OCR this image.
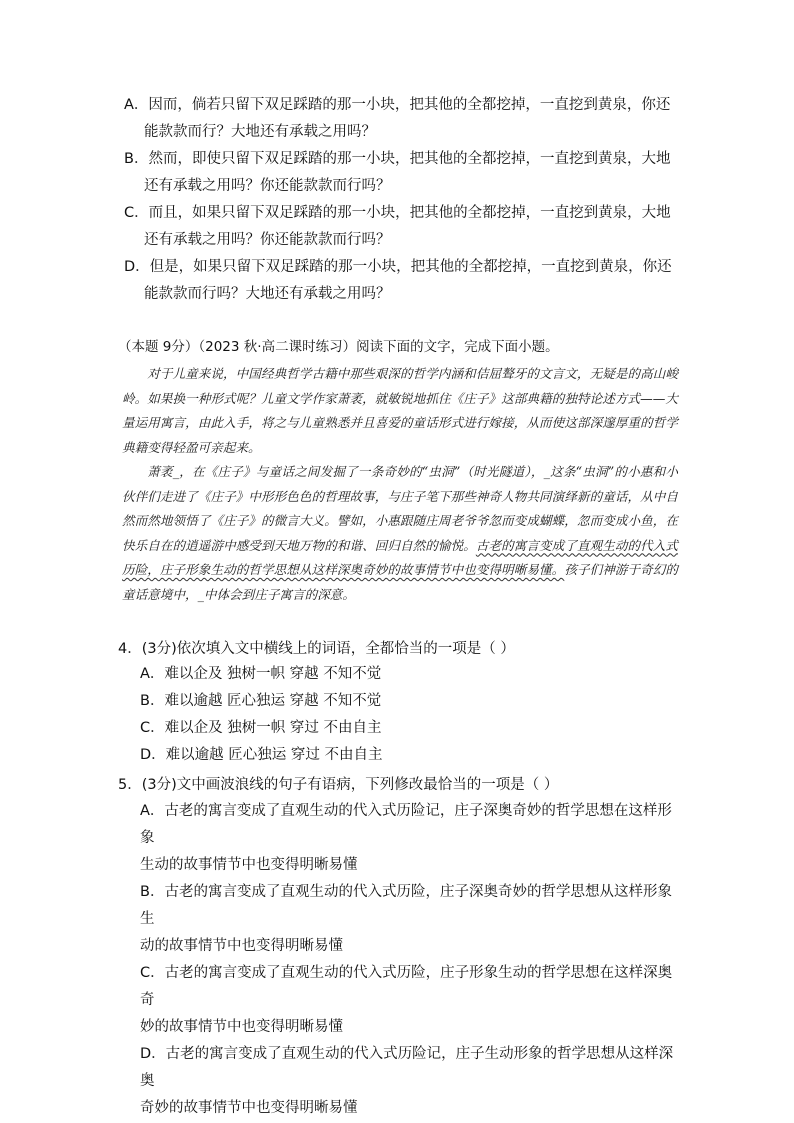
A．因而，倘若只留下双足踩踏的那一小块，把其他的全都挖掉，一直挖到黄泉，你还
能款款而行？大地还有承载之用吗？
B．然而，即使只留下双足踩踏的那一小块，把其他的全都挖掉，一直挖到黄泉，大地
还有承载之用吗？你还能款款而行吗？
C．而且，如果只留下双足踩踏的那一小块，把其他的全都挖掉，一直挖到黄泉，大地
还有承载之用吗？你还能款款而行吗？
D．但是，如果只留下双足踩踏的那一小块，把其他的全都挖掉，一直挖到黄泉，你还
能款款而行吗？大地还有承载之用吗？
（本题 9分）（2023 秋·高二课时练习）阅读下面的文字，完成下面小题。

对于儿童来说，中国经典哲学古籍中那些艰深的哲学内涵和佶屈聱牙的文言文，无疑是的高山峻岭。如果换一种形式呢？儿童文学作家萧袤，就敏锐地抓住《庄子》这部典籍的独特论述方式——大量运用寓言，由此入手，将之与儿童熟悉并且喜爱的童话形式进行嫁接，从而使这部深邃厚重的哲学典籍变得轻盈可亲起来。

萧袤_，在《庄子》与童话之间发掘了一条奇妙的“虫洞”（时光隧道），_这条“虫洞”的小惠和小伙伴们走进了《庄子》中形形色色的哲理故事，与庄子笔下那些神奇人物共同演绎新的童话，从中自然而然地领悟了《庄子》的微言大义。譬如，小惠跟随庄周老爷爷忽而变成蝴蝶，忽而变成小鱼，在快乐自在的逍遥游中感受到天地万物的和谐、回归自然的愉悦。古老的寓言变成了直观生动的代入式历险，庄子形象生动的哲学思想从这样深奥奇妙的故事情节中也变得明晰易懂。孩子们神游于奇幻的童话意境中，_中体会到庄子寓言的深意。

4．(3分)依次填入文中横线上的词语，全都恰当的一项是（ ）
A．难以企及 独树一帜 穿越 不知不觉
B．难以逾越 匠心独运 穿越 不知不觉
C．难以企及 独树一帜 穿过 不由自主
D．难以逾越 匠心独运 穿过 不由自主
5．(3分)文中画波浪线的句子有语病，下列修改最恰当的一项是（ ）
A．古老的寓言变成了直观生动的代入式历险记，庄子深奥奇妙的哲学思想在这样形象
生动的故事情节中也变得明晰易懂
B．古老的寓言变成了直观生动的代入式历险，庄子深奥奇妙的哲学思想从这样形象生
动的故事情节中也变得明晰易懂
C．古老的寓言变成了直观生动的代入式历险，庄子形象生动的哲学思想在这样深奥奇
妙的故事情节中也变得明晰易懂
D．古老的寓言变成了直观生动的代入式历险记，庄子生动形象的哲学思想从这样深奥
奇妙的故事情节中也变得明晰易懂
